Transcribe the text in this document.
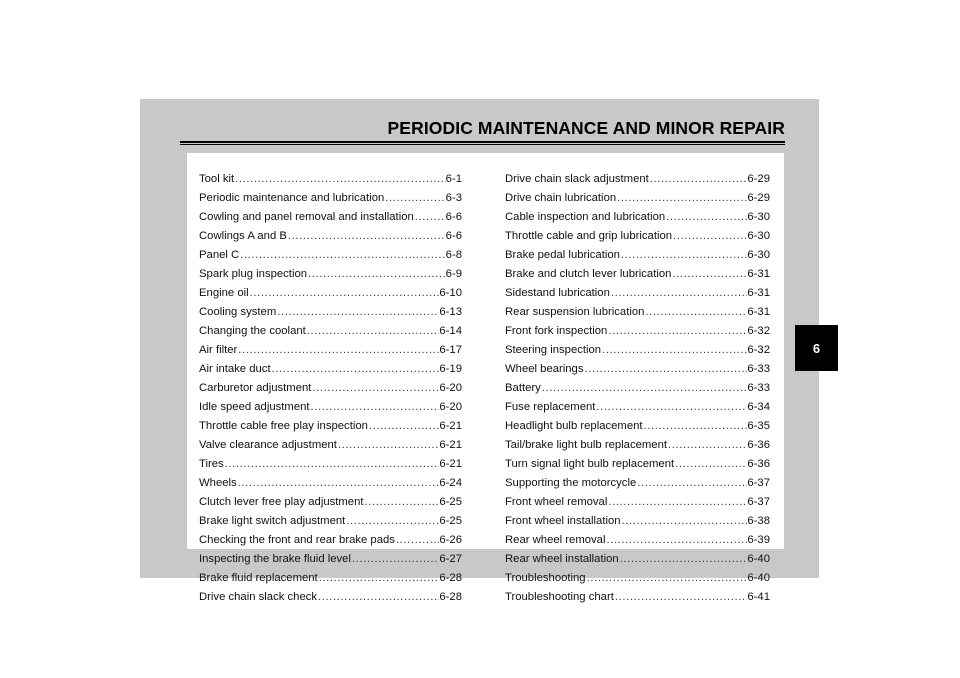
PERIODIC MAINTENANCE AND MINOR REPAIR
Tool kit .....	6-1
Periodic maintenance and lubrication .....	6-3
Cowling and panel removal and installation .....	6-6
Cowlings A and B .....	6-6
Panel C .....	6-8
Spark plug inspection .....	6-9
Engine oil .....	6-10
Cooling system .....	6-13
Changing the coolant .....	6-14
Air filter .....	6-17
Air intake duct .....	6-19
Carburetor adjustment .....	6-20
Idle speed adjustment .....	6-20
Throttle cable free play inspection .....	6-21
Valve clearance adjustment .....	6-21
Tires .....	6-21
Wheels .....	6-24
Clutch lever free play adjustment .....	6-25
Brake light switch adjustment .....	6-25
Checking the front and rear brake pads .....	6-26
Inspecting the brake fluid level .....	6-27
Brake fluid replacement .....	6-28
Drive chain slack check .....	6-28
Drive chain slack adjustment .....	6-29
Drive chain lubrication .....	6-29
Cable inspection and lubrication .....	6-30
Throttle cable and grip lubrication .....	6-30
Brake pedal lubrication .....	6-30
Brake and clutch lever lubrication .....	6-31
Sidestand lubrication .....	6-31
Rear suspension lubrication .....	6-31
Front fork inspection .....	6-32
Steering inspection .....	6-32
Wheel bearings .....	6-33
Battery .....	6-33
Fuse replacement .....	6-34
Headlight bulb replacement .....	6-35
Tail/brake light bulb replacement .....	6-36
Turn signal light bulb replacement .....	6-36
Supporting the motorcycle .....	6-37
Front wheel removal .....	6-37
Front wheel installation .....	6-38
Rear wheel removal .....	6-39
Rear wheel installation .....	6-40
Troubleshooting .....	6-40
Troubleshooting chart .....	6-41
6
